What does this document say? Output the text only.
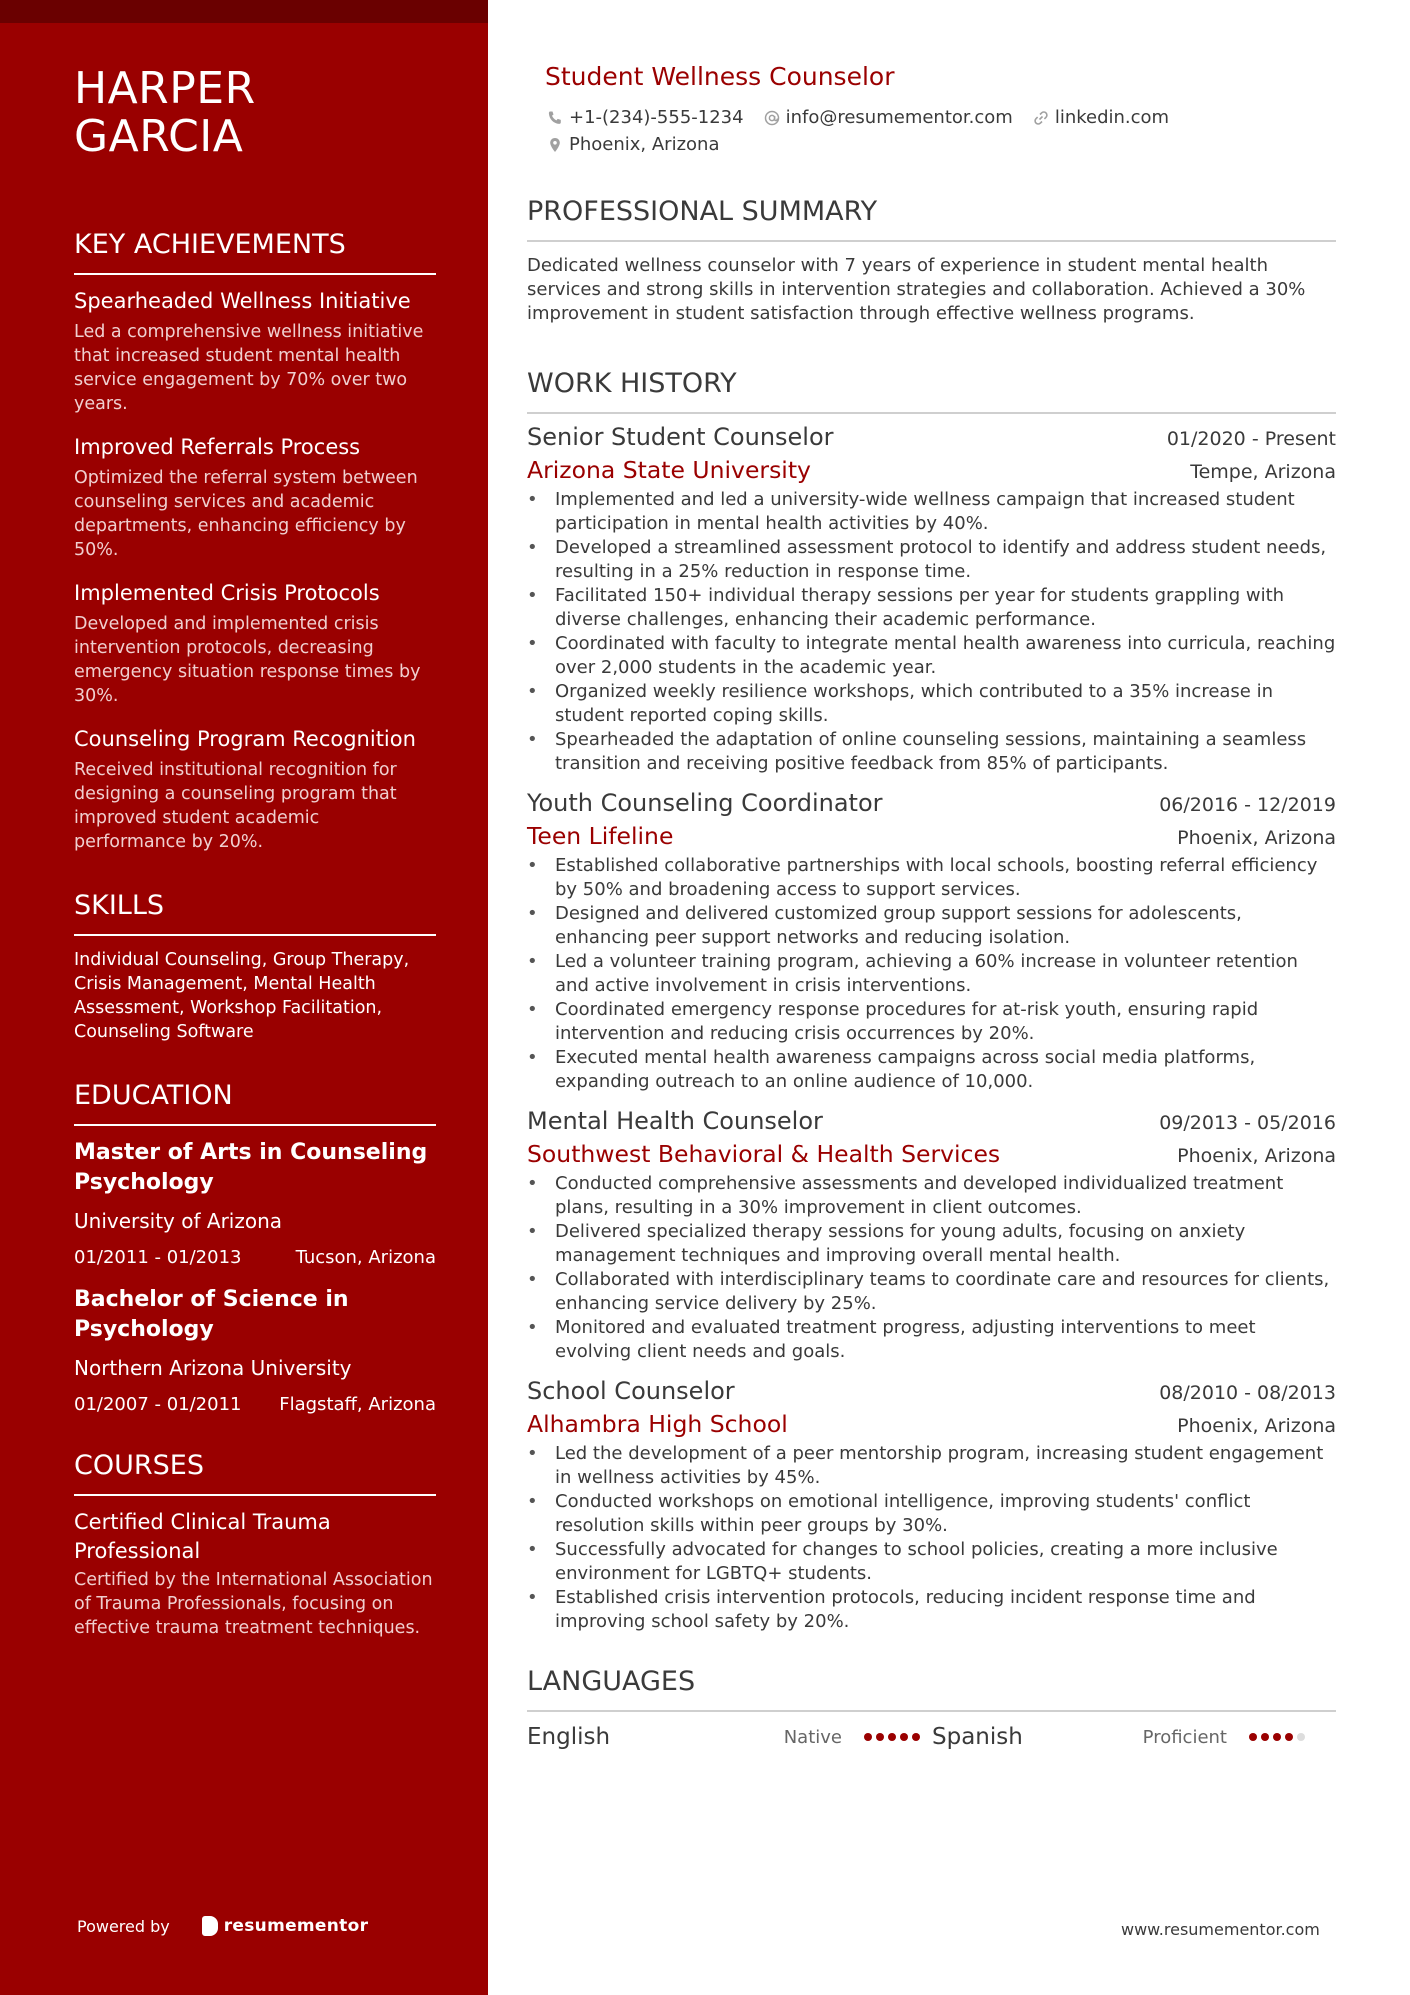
HARPER
GARCIA
KEY ACHIEVEMENTS
Spearheaded Wellness Initiative
Led a comprehensive wellness initiative that increased student mental health service engagement by 70% over two years.
Improved Referrals Process
Optimized the referral system between counseling services and academic departments, enhancing efficiency by 50%.
Implemented Crisis Protocols
Developed and implemented crisis intervention protocols, decreasing emergency situation response times by 30%.
Counseling Program Recognition
Received institutional recognition for designing a counseling program that improved student academic performance by 20%.
SKILLS
Individual Counseling, Group Therapy, Crisis Management, Mental Health Assessment, Workshop Facilitation, Counseling Software
EDUCATION
Master of Arts in Counseling Psychology
University of Arizona
01/2011 - 01/2013	Tucson, Arizona
Bachelor of Science in Psychology
Northern Arizona University
01/2007 - 01/2011 Flagstaff, Arizona
COURSES
Certified Clinical Trauma Professional
Certified by the International Association of Trauma Professionals, focusing on effective trauma treatment techniques.
Powered by	resumementor
Student Wellness Counselor
+1-(234)-555-1234 info@resumementor.com linkedin.com
Phoenix, Arizona
PROFESSIONAL SUMMARY
Dedicated wellness counselor with 7 years of experience in student mental health services and strong skills in intervention strategies and collaboration. Achieved a 30% improvement in student satisfaction through effective wellness programs.
WORK HISTORY
Senior Student Counselor	01/2020 - Present
Arizona State University	Tempe, Arizona
• Implemented and led a university-wide wellness campaign that increased student participation in mental health activities by 40%.
• Developed a streamlined assessment protocol to identify and address student needs, resulting in a 25% reduction in response time.
• Facilitated 150+ individual therapy sessions per year for students grappling with diverse challenges, enhancing their academic performance.
• Coordinated with faculty to integrate mental health awareness into curricula, reaching over 2,000 students in the academic year.
• Organized weekly resilience workshops, which contributed to a 35% increase in student reported coping skills.
• Spearheaded the adaptation of online counseling sessions, maintaining a seamless transition and receiving positive feedback from 85% of participants.
Youth Counseling Coordinator	06/2016 - 12/2019
Teen Lifeline	Phoenix, Arizona
• Established collaborative partnerships with local schools, boosting referral efficiency by 50% and broadening access to support services.
• Designed and delivered customized group support sessions for adolescents, enhancing peer support networks and reducing isolation.
• Led a volunteer training program, achieving a 60% increase in volunteer retention and active involvement in crisis interventions.
• Coordinated emergency response procedures for at-risk youth, ensuring rapid intervention and reducing crisis occurrences by 20%.
• Executed mental health awareness campaigns across social media platforms, expanding outreach to an online audience of 10,000.
Mental Health Counselor	09/2013 - 05/2016
Southwest Behavioral & Health Services	Phoenix, Arizona
• Conducted comprehensive assessments and developed individualized treatment plans, resulting in a 30% improvement in client outcomes.
• Delivered specialized therapy sessions for young adults, focusing on anxiety management techniques and improving overall mental health.
• Collaborated with interdisciplinary teams to coordinate care and resources for clients, enhancing service delivery by 25%.
• Monitored and evaluated treatment progress, adjusting interventions to meet evolving client needs and goals.
School Counselor	08/2010 - 08/2013
Alhambra High School	Phoenix, Arizona
• Led the development of a peer mentorship program, increasing student engagement in wellness activities by 45%.
• Conducted workshops on emotional intelligence, improving students' conflict resolution skills within peer groups by 30%.
• Successfully advocated for changes to school policies, creating a more inclusive environment for LGBTQ+ students.
• Established crisis intervention protocols, reducing incident response time and improving school safety by 20%.
LANGUAGES
English	Native	Spanish	Proficient
www.resumementor.com
